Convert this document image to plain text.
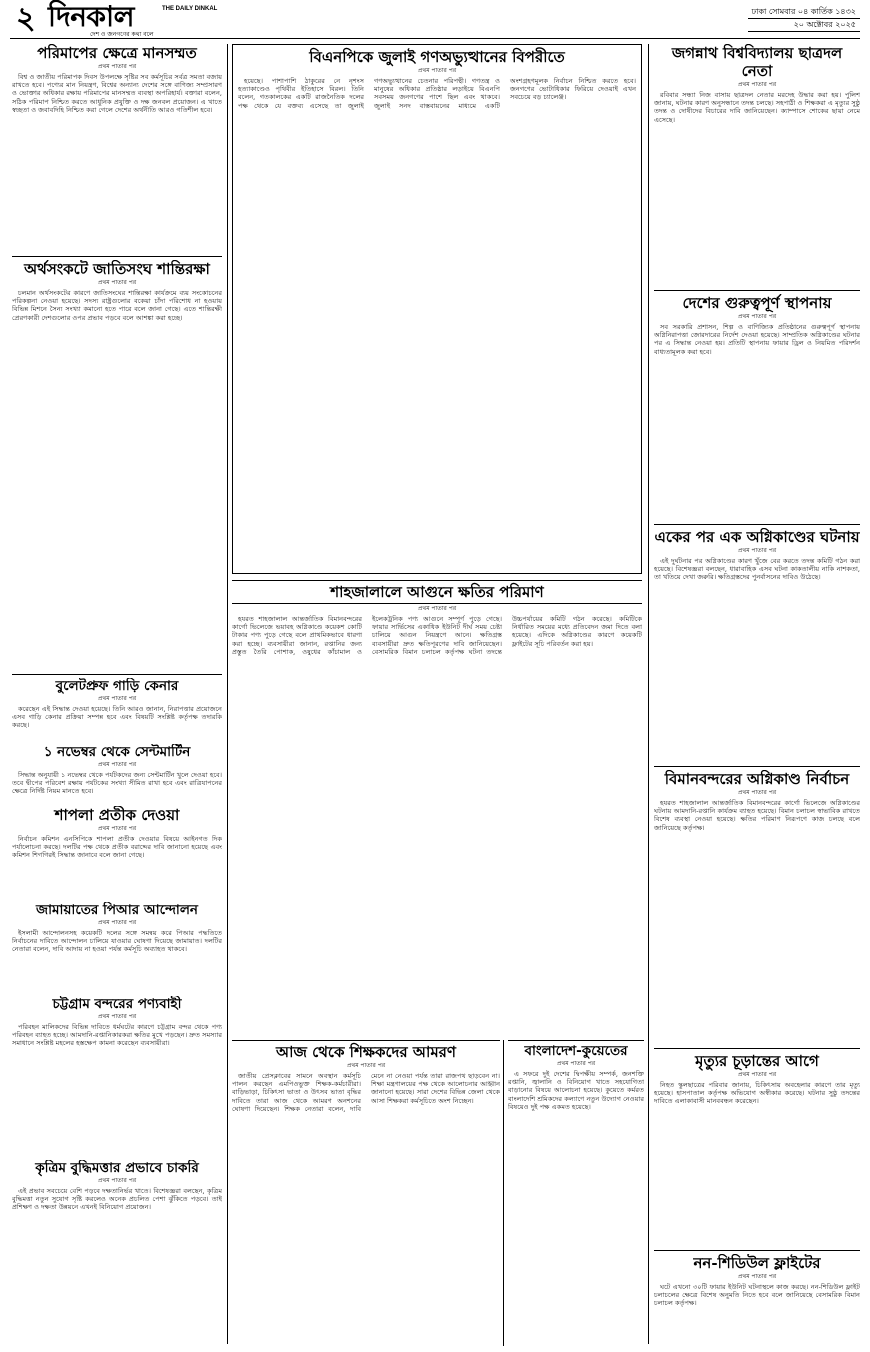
২ দিনকাল	THE DAILY DINKAL
দেশ ও জনগণের কথা বলে
ঢাকা সোমবার ০৪ কার্তিক ১৪৩২
২০ অক্টোবর ২০২৫
পরিমাপের ক্ষেত্রে মানসম্মত
প্রথম পাতার পর

বিশ্ব ও জাতীয় পরিমাপক দিবস উপলক্ষে সৃষ্টির সব কর্মসূচির সর্বত্র সমতা বজায় রাখতে হবে। পণ্যের মান নিয়ন্ত্রণ, বিশ্বের অন্যান্য দেশের সঙ্গে বাণিজ্য সম্প্রসারণ ও ভোক্তার অধিকার রক্ষায় পরিমাপের মানসম্মত ব্যবস্থা অপরিহার্য। বক্তারা বলেন, সঠিক পরিমাপ নিশ্চিত করতে আধুনিক প্রযুক্তি ও দক্ষ জনবল প্রয়োজন। এ খাতে স্বচ্ছতা ও জবাবদিহি নিশ্চিত করা গেলে দেশের অর্থনীতি আরও গতিশীল হবে।

অর্থসংকটে জাতিসংঘ শান্তিরক্ষা
প্রথম পাতার পর

চলমান অর্থসংকটের কারণে জাতিসংঘের শান্তিরক্ষা কার্যক্রমে ব্যয় সংকোচনের পরিকল্পনা নেওয়া হয়েছে। সদস্য রাষ্ট্রগুলোর বকেয়া চাঁদা পরিশোধ না হওয়ায় বিভিন্ন মিশনে সৈন্য সংখ্যা কমানো হতে পারে বলে জানা গেছে। এতে শান্তিরক্ষী প্রেরণকারী দেশগুলোর ওপর প্রভাব পড়বে বলে আশঙ্কা করা হচ্ছে।

বুলেটপ্রুফ গাড়ি কেনার
প্রথম পাতার পর

করেছেন এই সিদ্ধান্ত দেওয়া হয়েছে। তিনি আরও জানান, নিরাপত্তার প্রয়োজনে এসব গাড়ি কেনার প্রক্রিয়া সম্পন্ন হবে এবং বিষয়টি সংশ্লিষ্ট কর্তৃপক্ষ তদারকি করছে।

১ নভেম্বর থেকে সেন্টমার্টিন
প্রথম পাতার পর

সিদ্ধান্ত অনুযায়ী ১ নভেম্বর থেকে পর্যটকদের জন্য সেন্টমার্টিন খুলে দেওয়া হবে। তবে দ্বীপের পরিবেশ রক্ষায় পর্যটকের সংখ্যা সীমিত রাখা হবে এবং রাত্রিযাপনের ক্ষেত্রে নির্দিষ্ট নিয়ম মানতে হবে।

শাপলা প্রতীক দেওয়া
প্রথম পাতার পর

নির্বাচন কমিশন এনসিপিকে শাপলা প্রতীক দেওয়ার বিষয়ে আইনগত দিক পর্যালোচনা করছে। দলটির পক্ষ থেকে প্রতীক বরাদ্দের দাবি জানানো হয়েছে এবং কমিশন শিগগিরই সিদ্ধান্ত জানাবে বলে জানা গেছে।

জামায়াতের পিআর আন্দোলন
প্রথম পাতার পর

ইসলামী আন্দোলনসহ কয়েকটি দলের সঙ্গে সমন্বয় করে পিআর পদ্ধতিতে নির্বাচনের দাবিতে আন্দোলন চালিয়ে যাওয়ার ঘোষণা দিয়েছে জামায়াত। দলটির নেতারা বলেন, দাবি আদায় না হওয়া পর্যন্ত কর্মসূচি অব্যাহত থাকবে।

চট্টগ্রাম বন্দরের পণ্যবাহী
প্রথম পাতার পর

পরিবহন মালিকদের বিভিন্ন দাবিতে ধর্মঘটের কারণে চট্টগ্রাম বন্দর থেকে পণ্য পরিবহন ব্যাহত হচ্ছে। আমদানি-রপ্তানিকারকরা ক্ষতির মুখে পড়ছেন। দ্রুত সমস্যার সমাধানে সংশ্লিষ্ট মহলের হস্তক্ষেপ কামনা করেছেন ব্যবসায়ীরা।

কৃত্রিম বুদ্ধিমত্তার প্রভাবে চাকরি
প্রথম পাতার পর

এই প্রভাব সবচেয়ে বেশি পড়বে দক্ষতানির্ভর খাতে। বিশেষজ্ঞরা বলছেন, কৃত্রিম বুদ্ধিমত্তা নতুন সুযোগ সৃষ্টি করলেও অনেক প্রচলিত পেশা ঝুঁকিতে পড়বে। তাই প্রশিক্ষণ ও দক্ষতা উন্নয়নে এখনই বিনিয়োগ প্রয়োজন।

বিএনপিকে জুলাই গণঅভ্যুত্থানের বিপরীতে
প্রথম পাতার পর

হয়েছে। পাশাপাশি ঠাকুরের নে নৃশংস হত্যাকাণ্ডেও পৃথিবীর ইতিহাসে বিরল। তিনি বলেন, গতকালকের একটি রাজনৈতিক দলের পক্ষ থেকে যে বক্তব্য এসেছে তা জুলাই গণঅভ্যুত্থানের চেতনার পরিপন্থী। গণতন্ত্র ও মানুষের অধিকার প্রতিষ্ঠার লড়াইয়ে বিএনপি সবসময় জনগণের পাশে ছিল এবং থাকবে। জুলাই সনদ বাস্তবায়নের মাধ্যমে একটি অংশগ্রহণমূলক নির্বাচন নিশ্চিত করতে হবে। জনগণের ভোটাধিকার ফিরিয়ে দেওয়াই এখন সবচেয়ে বড় চ্যালেঞ্জ।

শাহজালালে আগুনে ক্ষতির পরিমাণ
প্রথম পাতার পর

হযরত শাহজালাল আন্তর্জাতিক বিমানবন্দরের কার্গো ভিলেজে ভয়াবহ অগ্নিকাণ্ডে কয়েকশ কোটি টাকার পণ্য পুড়ে গেছে বলে প্রাথমিকভাবে ধারণা করা হচ্ছে। ব্যবসায়ীরা জানান, রপ্তানির জন্য প্রস্তুত তৈরি পোশাক, ওষুধের কাঁচামাল ও ইলেকট্রনিক পণ্য আগুনে সম্পূর্ণ পুড়ে গেছে। ফায়ার সার্ভিসের একাধিক ইউনিট দীর্ঘ সময় চেষ্টা চালিয়ে আগুন নিয়ন্ত্রণে আনে। ক্ষতিগ্রস্ত ব্যবসায়ীরা দ্রুত ক্ষতিপূরণের দাবি জানিয়েছেন। বেসামরিক বিমান চলাচল কর্তৃপক্ষ ঘটনা তদন্তে উচ্চপর্যায়ের কমিটি গঠন করেছে। কমিটিকে নির্ধারিত সময়ের মধ্যে প্রতিবেদন জমা দিতে বলা হয়েছে। এদিকে অগ্নিকাণ্ডের কারণে কয়েকটি ফ্লাইটের সূচি পরিবর্তন করা হয়।

আজ থেকে শিক্ষকদের আমরণ
প্রথম পাতার পর

জাতীয় প্রেসক্লাবের সামনে অবস্থান কর্মসূচি পালন করছেন এমপিওভুক্ত শিক্ষক-কর্মচারীরা। বাড়িভাড়া, চিকিৎসা ভাতা ও উৎসব ভাতা বৃদ্ধির দাবিতে তারা আজ থেকে আমরণ অনশনের ঘোষণা দিয়েছেন। শিক্ষক নেতারা বলেন, দাবি মেনে না নেওয়া পর্যন্ত তারা রাজপথ ছাড়বেন না। শিক্ষা মন্ত্রণালয়ের পক্ষ থেকে আলোচনার আহ্বান জানানো হয়েছে। সারা দেশের বিভিন্ন জেলা থেকে আসা শিক্ষকরা কর্মসূচিতে অংশ নিচ্ছেন।

বাংলাদেশ-কুয়েতের
প্রথম পাতার পর

এ সফরে দুই দেশের দ্বিপক্ষীয় সম্পর্ক, জনশক্তি রপ্তানি, জ্বালানি ও বিনিয়োগ খাতে সহযোগিতা বাড়ানোর বিষয়ে আলোচনা হয়েছে। কুয়েতে কর্মরত বাংলাদেশি শ্রমিকদের কল্যাণে নতুন উদ্যোগ নেওয়ার বিষয়েও দুই পক্ষ একমত হয়েছে।

জগন্নাথ বিশ্ববিদ্যালয় ছাত্রদল নেতা
প্রথম পাতার পর

রবিবার সন্ধ্যা নিজ বাসায় ছাত্রদল নেতার মরদেহ উদ্ধার করা হয়। পুলিশ জানায়, ঘটনার কারণ অনুসন্ধানে তদন্ত চলছে। সহপাঠী ও শিক্ষকরা এ মৃত্যুর সুষ্ঠু তদন্ত ও দোষীদের বিচারের দাবি জানিয়েছেন। ক্যাম্পাসে শোকের ছায়া নেমে এসেছে।

দেশের গুরুত্বপূর্ণ স্থাপনায়
প্রথম পাতার পর

সব সরকারি প্রশাসন, শিল্প ও বাণিজ্যিক প্রতিষ্ঠানের গুরুত্বপূর্ণ স্থাপনায় অগ্নিনিরাপত্তা জোরদারের নির্দেশ দেওয়া হয়েছে। সাম্প্রতিক অগ্নিকাণ্ডের ঘটনার পর এ সিদ্ধান্ত নেওয়া হয়। প্রতিটি স্থাপনায় ফায়ার ড্রিল ও নিয়মিত পরিদর্শন বাধ্যতামূলক করা হবে।

একের পর এক অগ্নিকাণ্ডের ঘটনায়
প্রথম পাতার পর

এই দুর্ঘটনার পর অগ্নিকাণ্ডের কারণ খুঁজে বের করতে তদন্ত কমিটি গঠন করা হয়েছে। বিশেষজ্ঞরা বলছেন, ধারাবাহিক এসব ঘটনা কাকতালীয় নাকি নাশকতা, তা খতিয়ে দেখা জরুরি। ক্ষতিগ্রস্তদের পুনর্বাসনের দাবিও উঠেছে।

বিমানবন্দরের অগ্নিকাণ্ড নির্বাচন
প্রথম পাতার পর

হযরত শাহজালাল আন্তর্জাতিক বিমানবন্দরের কার্গো ভিলেজে অগ্নিকাণ্ডের ঘটনায় আমদানি-রপ্তানি কার্যক্রম ব্যাহত হয়েছে। বিমান চলাচল স্বাভাবিক রাখতে বিশেষ ব্যবস্থা নেওয়া হয়েছে। ক্ষতির পরিমাণ নিরূপণে কাজ চলছে বলে জানিয়েছে কর্তৃপক্ষ।

মৃত্যুর চূড়ান্তের আগে
প্রথম পাতার পর

নিহত স্কুলছাত্রের পরিবার জানায়, চিকিৎসায় অবহেলার কারণে তার মৃত্যু হয়েছে। হাসপাতাল কর্তৃপক্ষ অভিযোগ অস্বীকার করেছে। ঘটনার সুষ্ঠু তদন্তের দাবিতে এলাকাবাসী মানববন্ধন করেছেন।

নন-শিডিউল ফ্লাইটের
প্রথম পাতার পর

ঘটে এখনো ৩০টি ফায়ার ইউনিট ঘটনাস্থলে কাজ করছে। নন-শিডিউল ফ্লাইট চলাচলের ক্ষেত্রে বিশেষ অনুমতি নিতে হবে বলে জানিয়েছে বেসামরিক বিমান চলাচল কর্তৃপক্ষ।
